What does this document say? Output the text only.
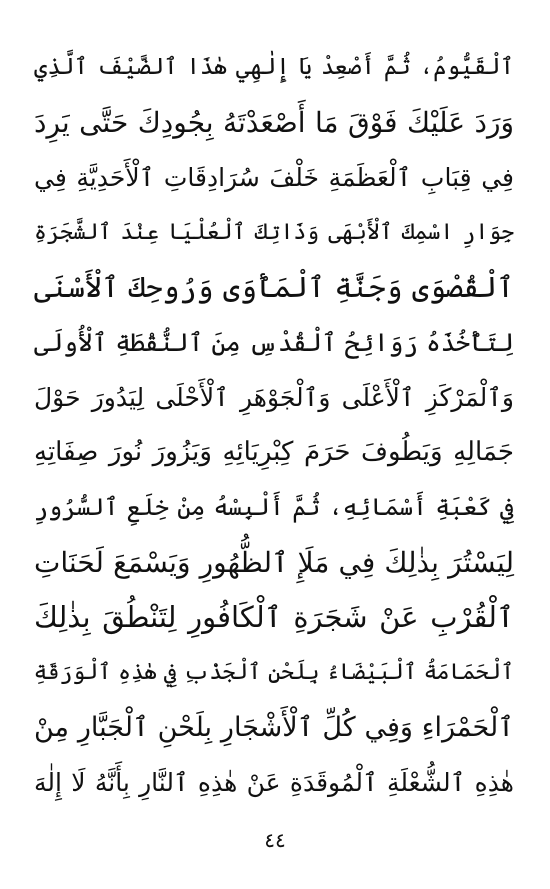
ٱلْقَيُّومُ، ثُمَّ أَصْعِدْ يَا إِلٰهِي هٰذَا ٱلضَّيْفَ ٱلَّذِي
وَرَدَ عَلَيْكَ فَوْقَ مَا أَصْعَدْتَهُ بِجُودِكَ حَتَّى يَرِدَ
فِي قِبَابِ ٱلْعَظَمَةِ خَلْفَ سُرَادِقَاتِ ٱلْأَحَدِيَّةِ فِي
جِوَارِ اسْمِكَ ٱلْأَبْهَى وَذَاتِكَ ٱلْعُلْيَا عِنْدَ ٱلشَّجَرَةِ
ٱلْقُصْوَى وَجَنَّةِ ٱلْمَأْوَى وَرُوحِكَ ٱلْأَسْنَى
لِتَأْخُذَهُ رَوَائِحُ ٱلْقُدْسِ مِنَ ٱلنُّقْطَةِ ٱلْأُولَى
وَٱلْمَرْكَزِ ٱلْأَعْلَى وَٱلْجَوْهَرِ ٱلْأَحْلَى لِيَدُورَ حَوْلَ
جَمَالِهِ وَيَطُوفَ حَرَمَ كِبْرِيَائِهِ وَيَزُورَ نُورَ صِفَاتِهِ
فِي كَعْبَةِ أَسْمَائِهِ، ثُمَّ أَلْبِسْهُ مِنْ خِلَعِ ٱلسُّرُورِ
لِيَسْتُرَ بِذٰلِكَ فِي مَلَإِ ٱلظُّهُورِ وَيَسْمَعَ لَحَنَاتِ
ٱلْقُرْبِ عَنْ شَجَرَةِ ٱلْكَافُورِ لِتَنْطُقَ بِذٰلِكَ
ٱلْحَمَامَةُ ٱلْبَيْضَاءُ بِلَحْنِ ٱلْجَذْبِ فِي هٰذِهِ ٱلْوَرَقَةِ
ٱلْحَمْرَاءِ وَفِي كُلِّ ٱلْأَشْجَارِ بِلَحْنِ ٱلْجَبَّارِ مِنْ
هٰذِهِ ٱلشُّعْلَةِ ٱلْمُوقَدَةِ عَنْ هٰذِهِ ٱلنَّارِ بِأَنَّهُ لَا إِلٰهَ
٤٤
